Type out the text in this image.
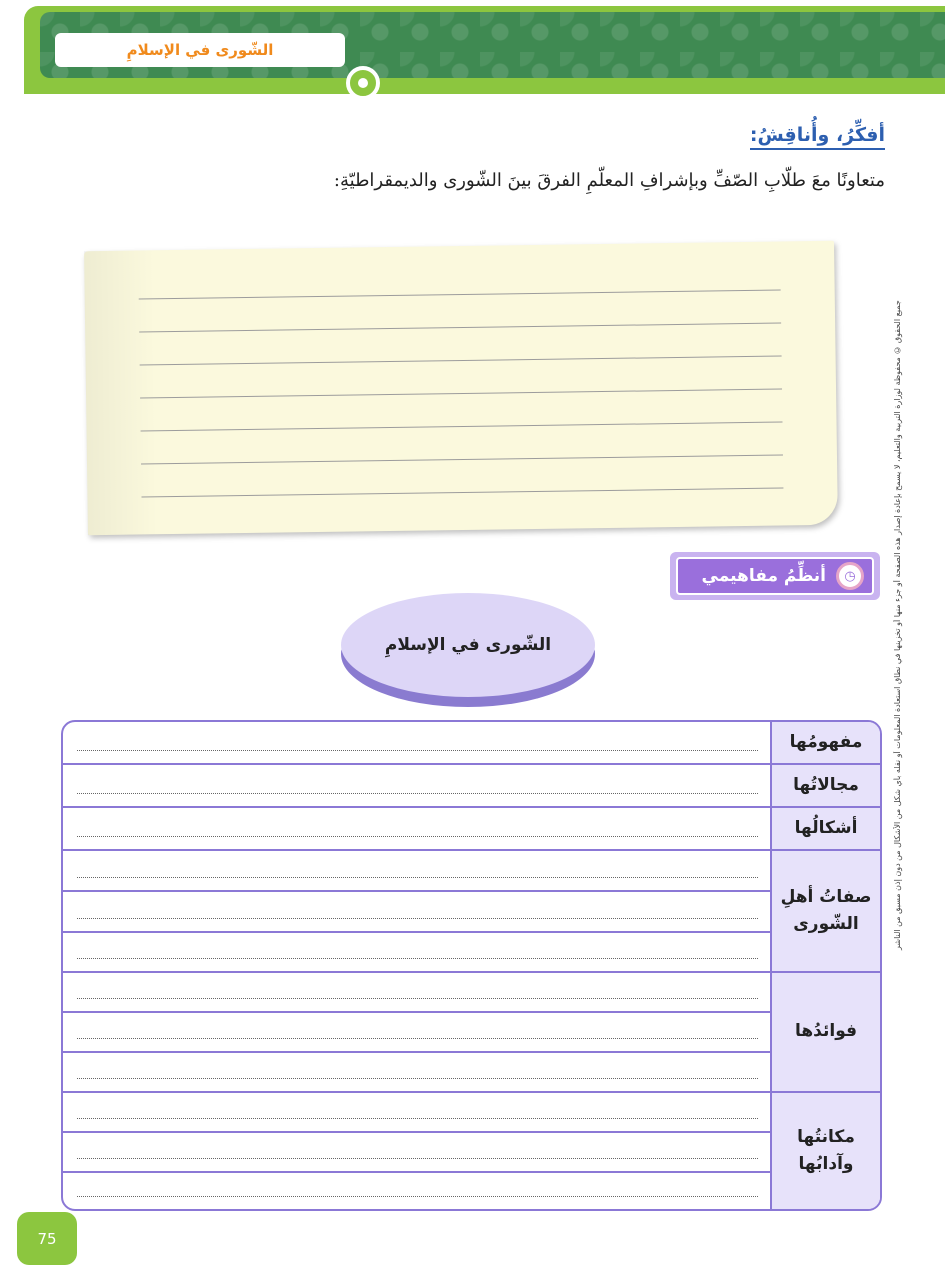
الشّورى في الإسلامِ
أفكِّرُ، وأُناقِشُ:
متعاونًا معَ طلّابِ الصّفِّ وبإشرافِ المعلّمِ الفرقَ بينَ الشّورى والديمقراطيّةِ:
جميع الحقوق © محفوظة لوزارة التربية والتعليم، لا يسمح بإعادة إصدار هذه الصفحة أو جزء منها أو تخزينها في نطاق استعادة المعلومات أو نقله بأي شكل من الأشكال من دون إذن مسبق من الناشر
◷
أنظِّمُ مفاهيمي
الشّورى في الإسلامِ
مفهومُها
مجالاتُها
أشكالُها
صفاتُ أهلِ الشّورى
فوائدُها
مكانتُها وآدابُها
75
